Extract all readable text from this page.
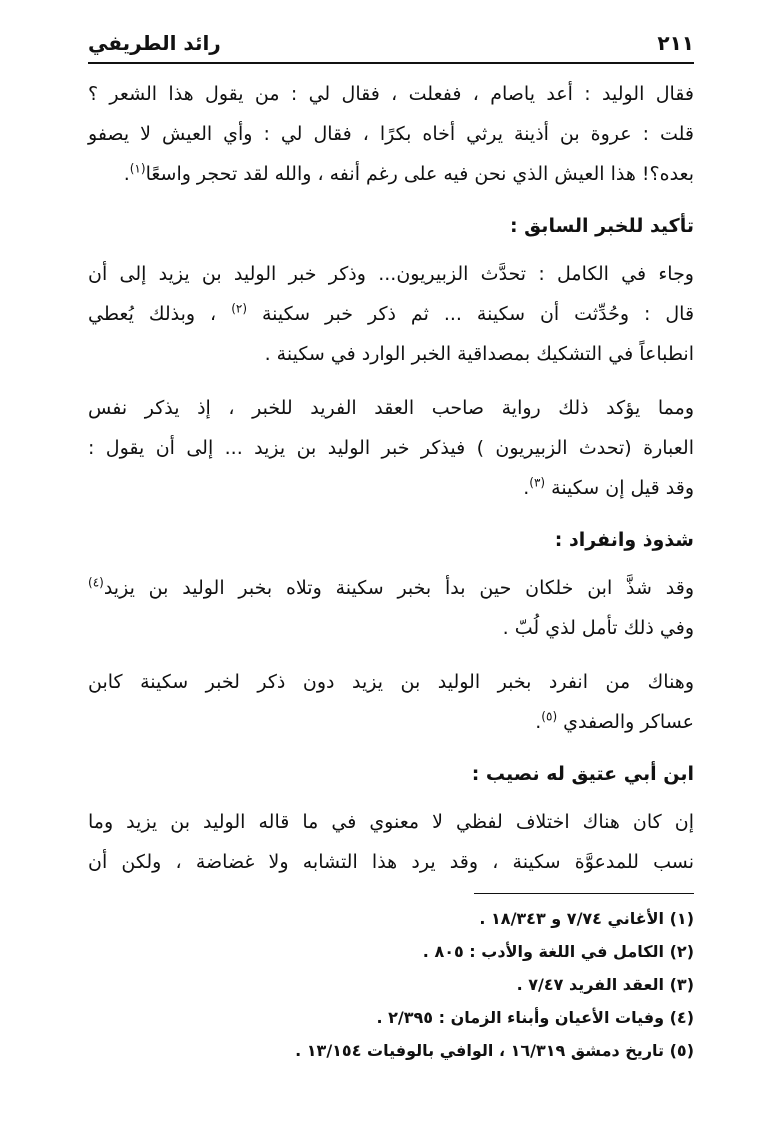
٢١١
رائد الطريفي
فقال الوليد : أعد ياصام ، ففعلت ، فقال لي : من يقول هذا الشعر ؟
قلت : عروة بن أذينة يرثي أخاه بكرًا ، فقال لي : وأي العيش لا يصفو
بعده؟! هذا العيش الذي نحن فيه على رغم أنفه ، والله لقد تحجر واسعًا$^{(١)}$.
تأكيد للخبر السابق :
وجاء في الكامل : تحدَّث الزبيريون... وذكر خبر الوليد بن يزيد إلى أن
قال : وحُدِّثت أن سكينة ... ثم ذكر خبر سكينة $^{(٢)}$ ، وبذلك يُعطي
انطباعاً في التشكيك بمصداقية الخبر الوارد في سكينة .
ومما يؤكد ذلك رواية صاحب العقد الفريد للخبر ، إذ يذكر نفس
العبارة (تحدث الزبيريون ) فيذكر خبر الوليد بن يزيد ... إلى أن يقول :
وقد قيل إن سكينة $^{(٣)}$.
شذوذ وانفراد :
وقد شذَّ ابن خلكان حين بدأ بخبر سكينة وتلاه بخبر الوليد بن يزيد$^{(٤)}$
وفي ذلك تأمل لذي لُبّ .
وهناك من انفرد بخبر الوليد بن يزيد دون ذكر لخبر سكينة كابن
عساكر والصفدي $^{(٥)}$.
ابن أبي عتيق له نصيب :
إن كان هناك اختلاف لفظي لا معنوي في ما قاله الوليد بن يزيد وما
نسب للمدعوَّة سكينة ، وقد يرد هذا التشابه ولا غضاضة ، ولكن أن
(١) الأغاني ٧/٧٤ و ١٨/٣٤٣ .
(٢) الكامل في اللغة والأدب : ٨٠٥ .
(٣) العقد الفريد ٧/٤٧ .
(٤) وفيات الأعيان وأبناء الزمان : ٢/٣٩٥ .
(٥) تاريخ دمشق ١٦/٣١٩ ، الوافي بالوفيات ١٣/١٥٤ .
